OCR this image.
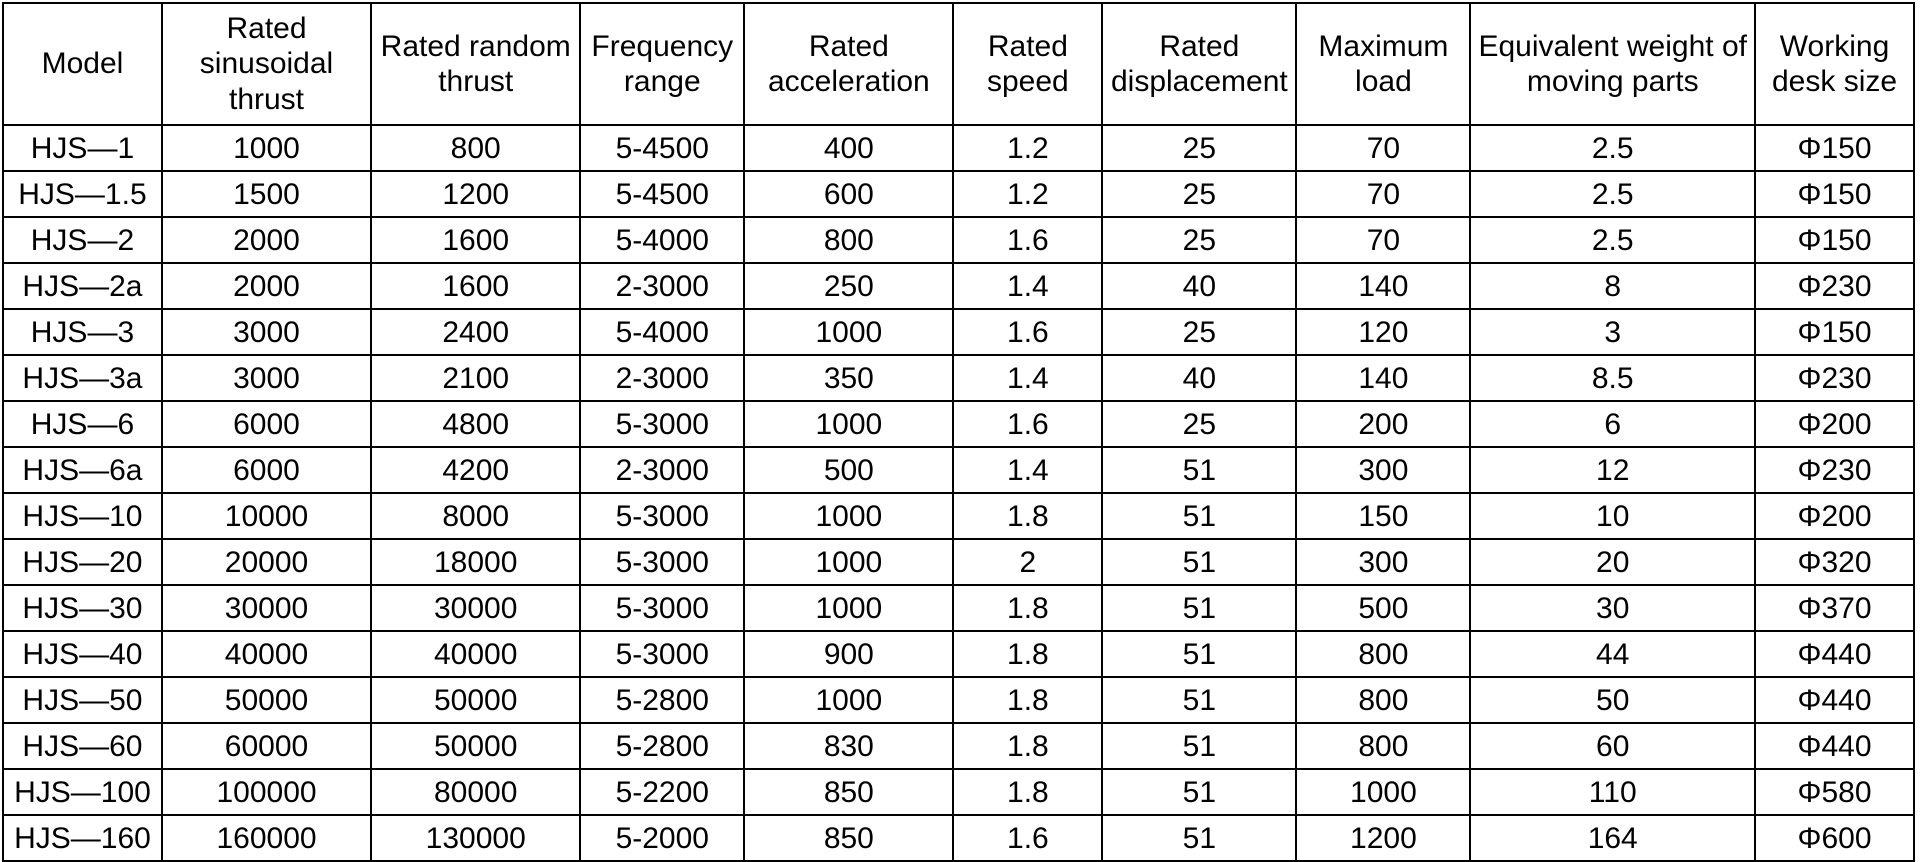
Model	Rated sinusoidal thrust	Rated random thrust	Frequency range	Rated acceleration	Rated speed	Rated displacement	Maximum load	Equivalent weight of moving parts	Working desk size
HJS—1	1000	800	5-4500	400	1.2	25	70	2.5	Φ150
HJS—1.5	1500	1200	5-4500	600	1.2	25	70	2.5	Φ150
HJS—2	2000	1600	5-4000	800	1.6	25	70	2.5	Φ150
HJS—2a	2000	1600	2-3000	250	1.4	40	140	8	Φ230
HJS—3	3000	2400	5-4000	1000	1.6	25	120	3	Φ150
HJS—3a	3000	2100	2-3000	350	1.4	40	140	8.5	Φ230
HJS—6	6000	4800	5-3000	1000	1.6	25	200	6	Φ200
HJS—6a	6000	4200	2-3000	500	1.4	51	300	12	Φ230
HJS—10	10000	8000	5-3000	1000	1.8	51	150	10	Φ200
HJS—20	20000	18000	5-3000	1000	2	51	300	20	Φ320
HJS—30	30000	30000	5-3000	1000	1.8	51	500	30	Φ370
HJS—40	40000	40000	5-3000	900	1.8	51	800	44	Φ440
HJS—50	50000	50000	5-2800	1000	1.8	51	800	50	Φ440
HJS—60	60000	50000	5-2800	830	1.8	51	800	60	Φ440
HJS—100	100000	80000	5-2200	850	1.8	51	1000	110	Φ580
HJS—160	160000	130000	5-2000	850	1.6	51	1200	164	Φ600
